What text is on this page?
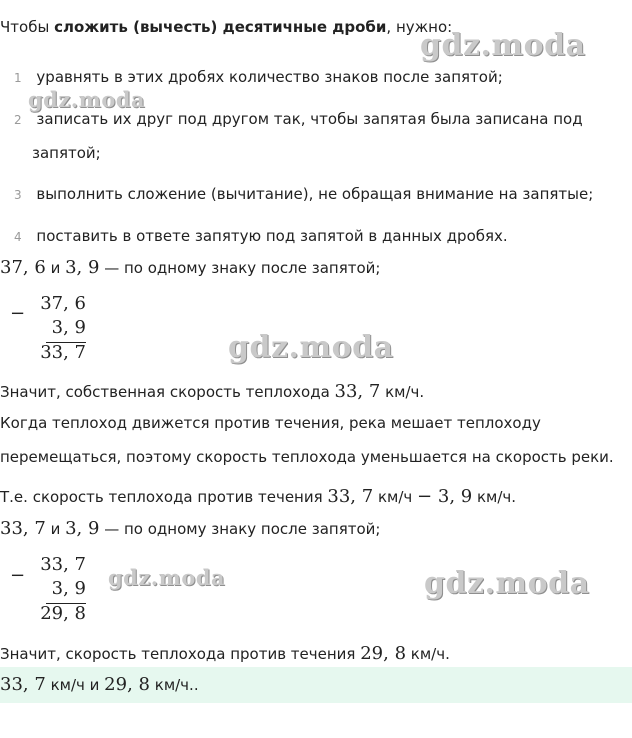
Чтобы сложить (вычесть) десятичные дроби, нужно:
1 уравнять в этих дробях количество знаков после запятой;
2 записать их друг под другом так, чтобы запятая была записана под
запятой;
3 выполнить сложение (вычитание), не обращая внимание на запятые;
4 поставить в ответе запятую под запятой в данных дробях.
37, 6 и 3, 9 — по одному знаку после запятой;
− 37, 6
3, 9
33, 7
Значит, собственная скорость теплохода 33, 7 км/ч.
Когда теплоход движется против течения, река мешает теплоходу
перемещаться, поэтому скорость теплохода уменьшается на скорость реки.
Т.е. скорость теплохода против течения 33, 7 км/ч − 3, 9 км/ч.
33, 7 и 3, 9 — по одному знаку после запятой;
−
33, 7
3, 9
29, 8
Значит, скорость теплохода против течения 29, 8 км/ч.
33, 7 км/ч и 29, 8 км/ч..
gdz.moda
gdz.moda
gdz.moda
gdz.moda	gdz.moda
